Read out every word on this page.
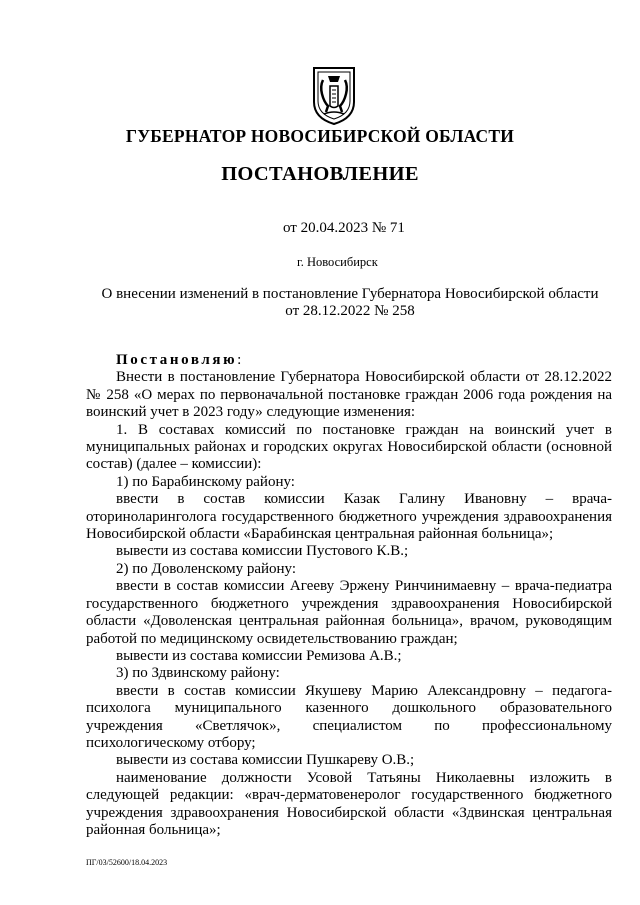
ГУБЕРНАТОР НОВОСИБИРСКОЙ ОБЛАСТИ
ПОСТАНОВЛЕНИЕ
от 20.04.2023 № 71
г. Новосибирск
О внесении изменений в постановление Губернатора Новосибирской области
от 28.12.2022 № 258

Постановляю:

Внести в постановление Губернатора Новосибирской области от 28.12.2022 № 258 «О мерах по первоначальной постановке граждан 2006 года рождения на воинский учет в 2023 году» следующие изменения:

1. В составах комиссий по постановке граждан на воинский учет в муниципальных районах и городских округах Новосибирской области (основной состав) (далее – комиссии):

1) по Барабинскому району:

ввести в состав комиссии Казак Галину Ивановну – врача-оториноларинголога государственного бюджетного учреждения здравоохранения Новосибирской области «Барабинская центральная районная больница»;

вывести из состава комиссии Пустового К.В.;

2) по Доволенскому району:

ввести в состав комиссии Агееву Эржену Ринчинимаевну – врача-педиатра государственного бюджетного учреждения здравоохранения Новосибирской области «Доволенская центральная районная больница», врачом, руководящим работой по медицинскому освидетельствованию граждан;

вывести из состава комиссии Ремизова А.В.;

3) по Здвинскому району:

ввести в состав комиссии Якушеву Марию Александровну – педагога-психолога муниципального казенного дошкольного образовательного учреждения «Светлячок», специалистом по профессиональному психологическому отбору;

вывести из состава комиссии Пушкареву О.В.;

наименование должности Усовой Татьяны Николаевны изложить в следующей редакции: «врач-дерматовенеролог государственного бюджетного учреждения здравоохранения Новосибирской области «Здвинская центральная районная больница»;

ПГ/03/52600/18.04.2023
